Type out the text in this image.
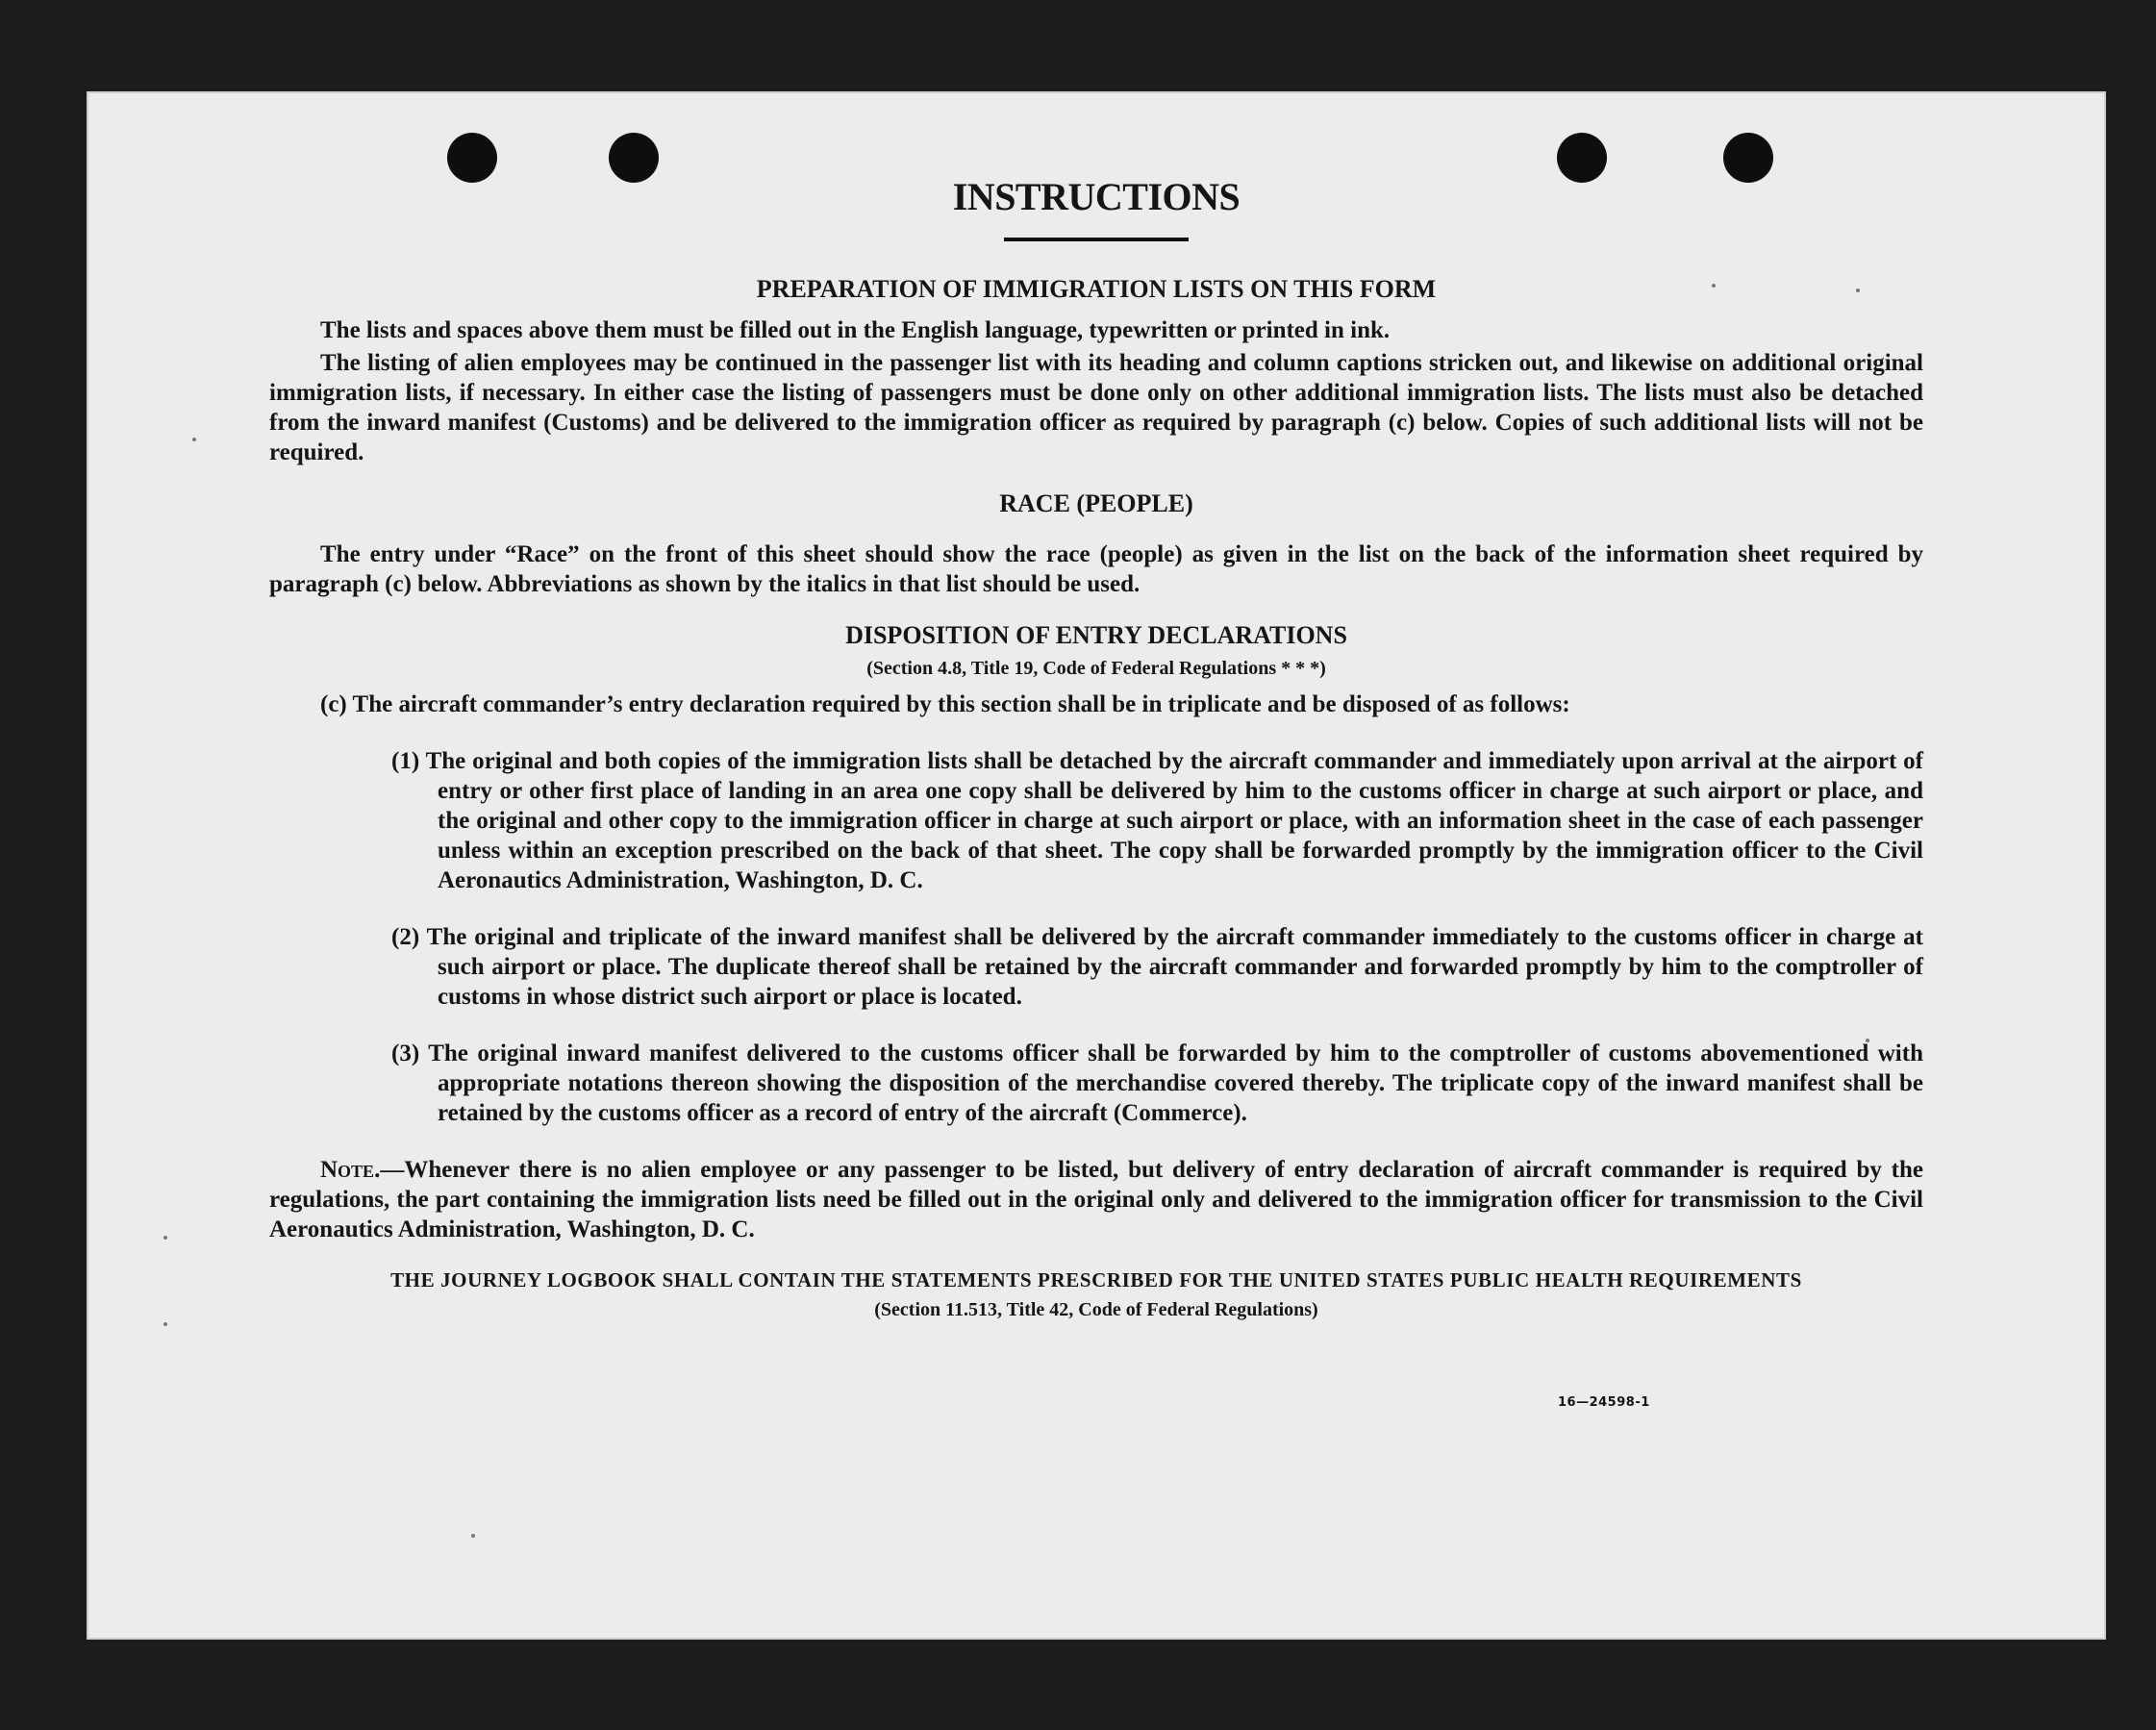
INSTRUCTIONS

PREPARATION OF IMMIGRATION LISTS ON THIS FORM

The lists and spaces above them must be filled out in the English language, typewritten or printed in ink.

The listing of alien employees may be continued in the passenger list with its heading and column captions stricken out, and likewise on additional original immigration lists, if necessary. In either case the listing of passengers must be done only on other additional immigration lists. The lists must also be detached from the inward manifest (Customs) and be delivered to the immigration officer as required by paragraph (c) below. Copies of such additional lists will not be required.

RACE (PEOPLE)

The entry under “Race” on the front of this sheet should show the race (people) as given in the list on the back of the information sheet required by paragraph (c) below. Abbreviations as shown by the italics in that list should be used.

DISPOSITION OF ENTRY DECLARATIONS

(Section 4.8, Title 19, Code of Federal Regulations * * *)

(c) The aircraft commander’s entry declaration required by this section shall be in triplicate and be disposed of as follows:

(1) The original and both copies of the immigration lists shall be detached by the aircraft commander and immediately upon arrival at the airport of entry or other first place of landing in an area one copy shall be delivered by him to the customs officer in charge at such airport or place, and the original and other copy to the immigration officer in charge at such airport or place, with an information sheet in the case of each passenger unless within an exception prescribed on the back of that sheet. The copy shall be forwarded promptly by the immigration officer to the Civil Aeronautics Administration, Washington, D. C.

(2) The original and triplicate of the inward manifest shall be delivered by the aircraft commander immediately to the customs officer in charge at such airport or place. The duplicate thereof shall be retained by the aircraft commander and forwarded promptly by him to the comptroller of customs in whose district such airport or place is located.

(3) The original inward manifest delivered to the customs officer shall be forwarded by him to the comptroller of customs abovementioned with appropriate notations thereon showing the disposition of the merchandise covered thereby. The triplicate copy of the inward manifest shall be retained by the customs officer as a record of entry of the aircraft (Commerce).

Note.—Whenever there is no alien employee or any passenger to be listed, but delivery of entry declaration of aircraft commander is required by the regulations, the part containing the immigration lists need be filled out in the original only and delivered to the immigration officer for transmission to the Civil Aeronautics Administration, Washington, D. C.

THE JOURNEY LOGBOOK SHALL CONTAIN THE STATEMENTS PRESCRIBED FOR THE UNITED STATES PUBLIC HEALTH REQUIREMENTS

(Section 11.513, Title 42, Code of Federal Regulations)

16—24598-1
